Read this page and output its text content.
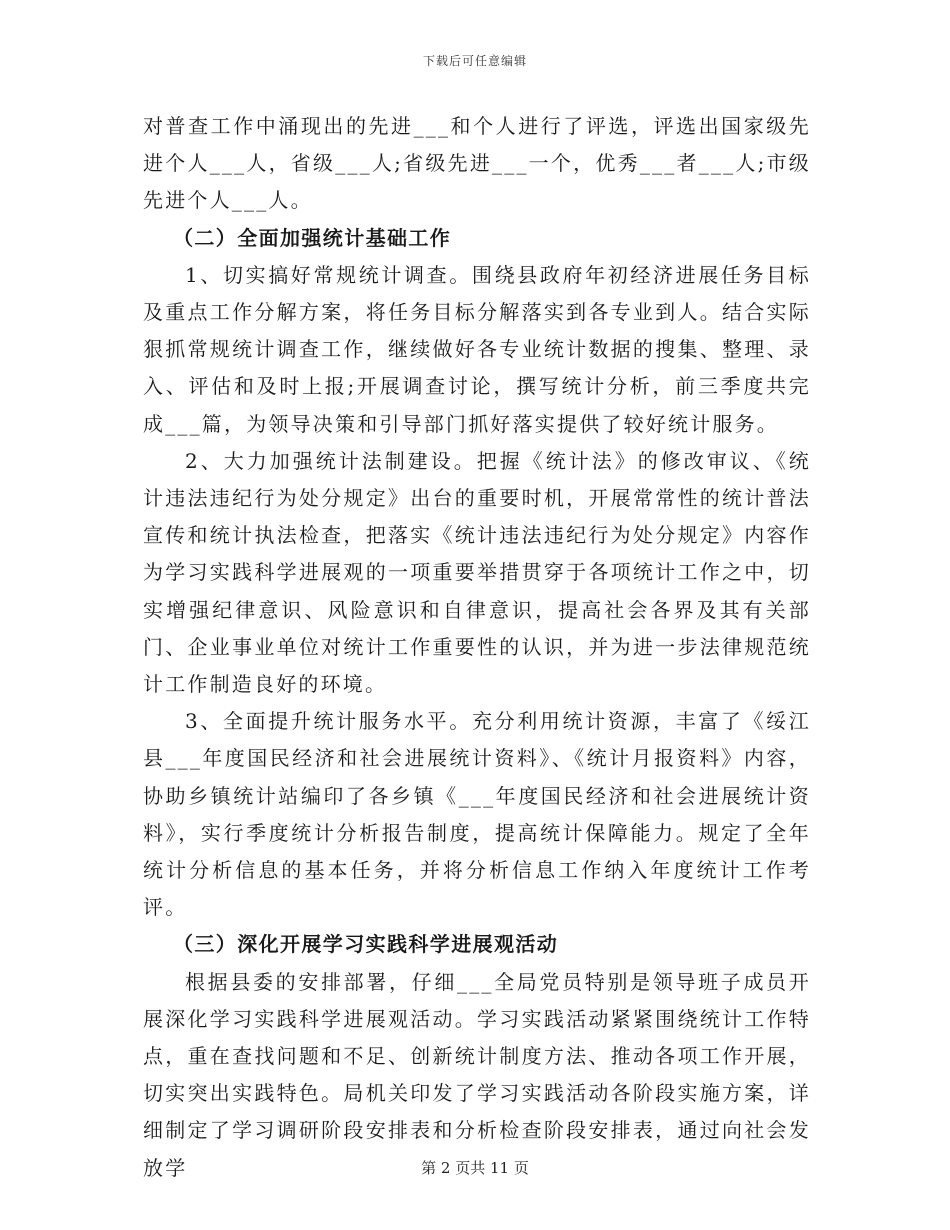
下载后可任意编辑

对普查工作中涌现出的先进___和个人进行了评选，评选出国家级先进个人___人，省级___人;省级先进___一个，优秀___者___人;市级先进个人___人。

（二）全面加强统计基础工作

1、切实搞好常规统计调查。围绕县政府年初经济进展任务目标及重点工作分解方案，将任务目标分解落实到各专业到人。结合实际狠抓常规统计调查工作，继续做好各专业统计数据的搜集、整理、录入、评估和及时上报;开展调查讨论，撰写统计分析，前三季度共完成___篇，为领导决策和引导部门抓好落实提供了较好统计服务。

2、大力加强统计法制建设。把握《统计法》的修改审议、《统计违法违纪行为处分规定》出台的重要时机，开展常常性的统计普法宣传和统计执法检查，把落实《统计违法违纪行为处分规定》内容作为学习实践科学进展观的一项重要举措贯穿于各项统计工作之中，切实增强纪律意识、风险意识和自律意识，提高社会各界及其有关部门、企业事业单位对统计工作重要性的认识，并为进一步法律规范统计工作制造良好的环境。

3、全面提升统计服务水平。充分利用统计资源，丰富了《绥江县___年度国民经济和社会进展统计资料》、《统计月报资料》内容，协助乡镇统计站编印了各乡镇《___年度国民经济和社会进展统计资料》，实行季度统计分析报告制度，提高统计保障能力。规定了全年统计分析信息的基本任务，并将分析信息工作纳入年度统计工作考评。

（三）深化开展学习实践科学进展观活动

根据县委的安排部署，仔细___全局党员特别是领导班子成员开展深化学习实践科学进展观活动。学习实践活动紧紧围绕统计工作特点，重在查找问题和不足、创新统计制度方法、推动各项工作开展，切实突出实践特色。局机关印发了学习实践活动各阶段实施方案，详细制定了学习调研阶段安排表和分析检查阶段安排表，通过向社会发放学	第 2 页共 11 页
